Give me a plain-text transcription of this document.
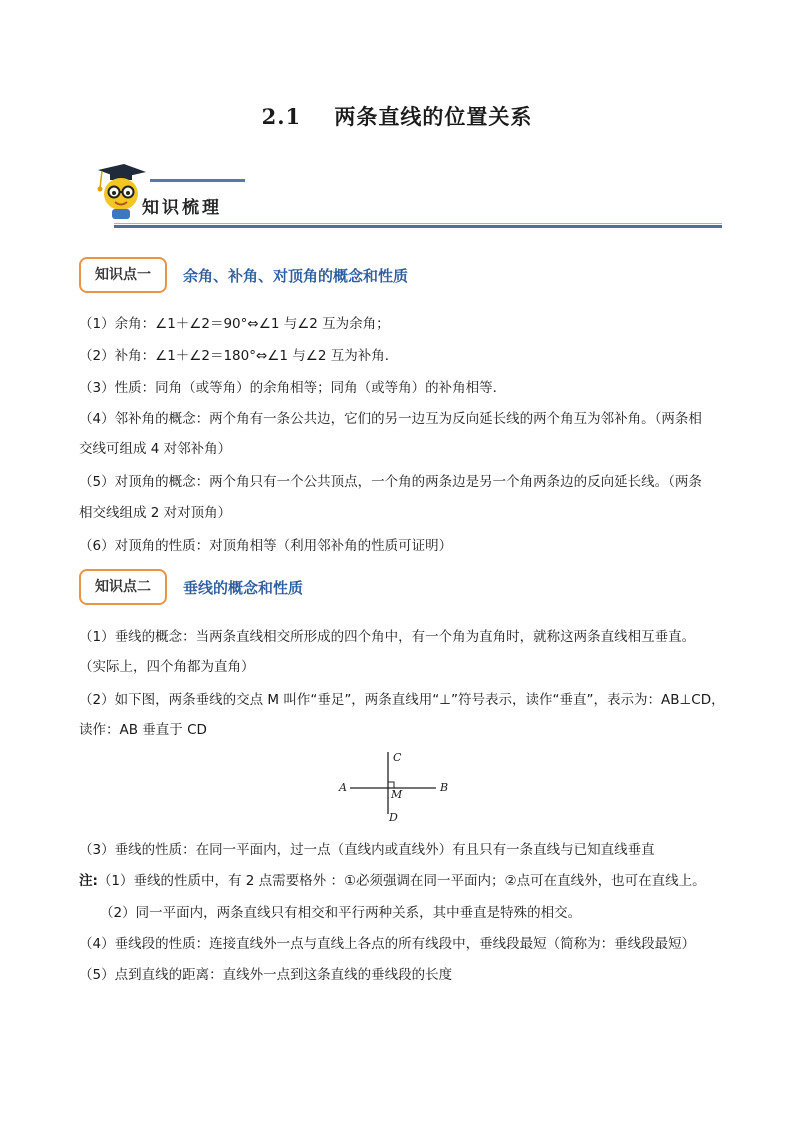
2.1    两条直线的位置关系
知识梳理
知识点一	余角、补角、对顶角的概念和性质
（1）余角：∠1＋∠2＝90°⇔∠1 与∠2 互为余角；
（2）补角：∠1＋∠2＝180°⇔∠1 与∠2 互为补角．
（3）性质：同角（或等角）的余角相等；同角（或等角）的补角相等．
（4）邻补角的概念：两个角有一条公共边，它们的另一边互为反向延长线的两个角互为邻补角。（两条相
交线可组成 4 对邻补角）
（5）对顶角的概念：两个角只有一个公共顶点，一个角的两条边是另一个角两条边的反向延长线。（两条
相交线组成 2 对对顶角）
（6）对顶角的性质：对顶角相等（利用邻补角的性质可证明）
知识点二	垂线的概念和性质
（1）垂线的概念：当两条直线相交所形成的四个角中，有一个角为直角时，就称这两条直线相互垂直。
（实际上，四个角都为直角）
（2）如下图，两条垂线的交点 M 叫作“垂足”，两条直线用“⊥”符号表示，读作“垂直”，表示为：AB⊥CD，
读作：AB 垂直于 CD
A	B
C
D
M
（3）垂线的性质：在同一平面内，过一点（直线内或直线外）有且只有一条直线与已知直线垂直
注:（1）垂线的性质中，有 2 点需要格外 ：①必须强调在同一平面内；②点可在直线外，也可在直线上。
（2）同一平面内，两条直线只有相交和平行两种关系，其中垂直是特殊的相交。
（4）垂线段的性质：连接直线外一点与直线上各点的所有线段中，垂线段最短（简称为：垂线段最短）
（5）点到直线的距离：直线外一点到这条直线的垂线段的长度
